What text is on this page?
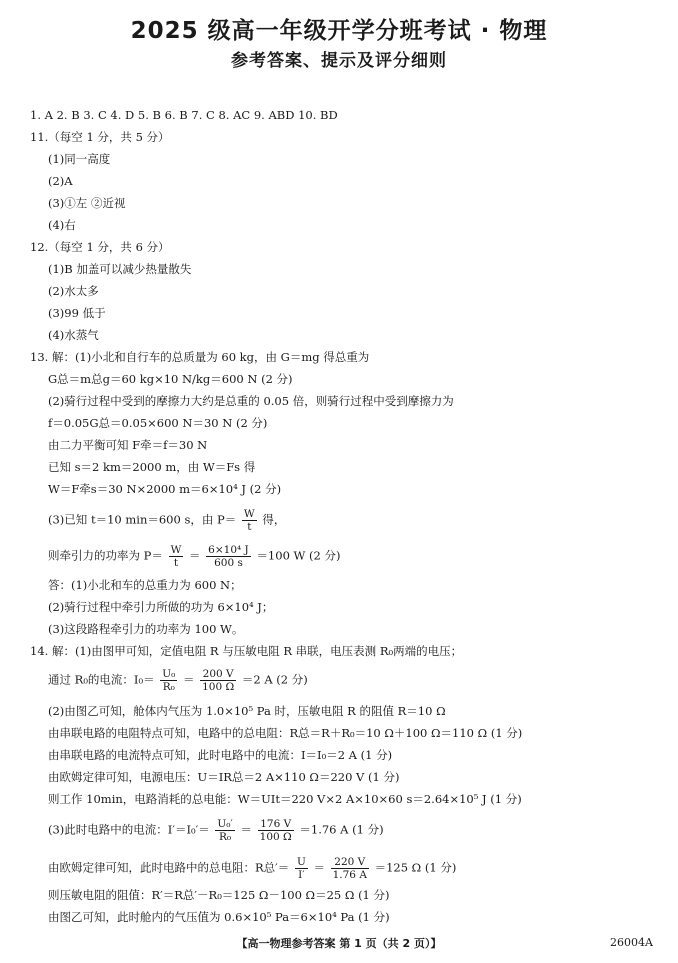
2025 级高一年级开学分班考试 · 物理
参考答案、提示及评分细则
1. A 2. B 3. C 4. D 5. B 6. B 7. C 8. AC 9. ABD 10. BD
11.（每空 1 分，共 5 分）
(1)同一高度
(2)A
(3)①左 ②近视
(4)右
12.（每空 1 分，共 6 分）
(1)B 加盖可以减少热量散失
(2)水太多
(3)99 低于
(4)水蒸气
13. 解：(1)小北和自行车的总质量为 60 kg，由 G＝mg 得总重为
G总＝m总g＝60 kg×10 N/kg＝600 N (2 分)
(2)骑行过程中受到的摩擦力大约是总重的 0.05 倍，则骑行过程中受到摩擦力为
f＝0.05G总＝0.05×600 N＝30 N (2 分)
由二力平衡可知 F牵＝f＝30 N
已知 s＝2 km＝2000 m，由 W＝Fs 得
W＝F牵s＝30 N×2000 m＝6×10⁴ J (2 分)
(3)已知 t＝10 min＝600 s，由 $P= \frac{W}{t}$ 得，
则牵引力的功率为 $P= \frac{W}{t} = \frac{\text{6×10⁴ J}}{600 s} =100$ W (2 分)
答：(1)小北和车的总重力为 600 N；
(2)骑行过程中牵引力所做的功为 6×10⁴ J；
(3)这段路程牵引力的功率为 100 W。
14. 解：(1)由图甲可知，定值电阻 R 与压敏电阻 R 串联，电压表测 R₀两端的电压；
通过 R₀的电流：$I_0= \frac{\text{U₀}}{\text{R₀}} = \frac{200 V}{100 \Omega} =2$ A (2 分)
(2)由图乙可知，舱体内气压为 1.0×10⁵ Pa 时，压敏电阻 R 的阻值 R＝10 Ω
由串联电路的电阻特点可知，电路中的总电阻：R总＝R＋R₀＝10 Ω＋100 Ω＝110 Ω (1 分)
由串联电路的电流特点可知，此时电路中的电流：I＝I₀＝2 A (1 分)
由欧姆定律可知，电源电压：U＝IR总＝2 A×110 Ω＝220 V (1 分)
则工作 10min，电路消耗的总电能：W＝UIt＝220 V×2 A×10×60 s＝2.64×10⁵ J (1 分)
(3)此时电路中的电流：$I'=I_0'= \frac{\text{U₀′}}{\text{R₀}} = \frac{176 V}{100 \Omega} =1.76$ A (1 分)
由欧姆定律可知，此时电路中的总电阻：R总′＝ $\frac{U}{I'} = \frac{220 V}{1.76 A} =125$ Ω (1 分)
则压敏电阻的阻值：R′＝R总′－R₀＝125 Ω－100 Ω＝25 Ω (1 分)
由图乙可知，此时舱内的气压值为 0.6×10⁵ Pa＝6×10⁴ Pa (1 分)
【高一物理参考答案 第 1 页（共 2 页）】	26004A
